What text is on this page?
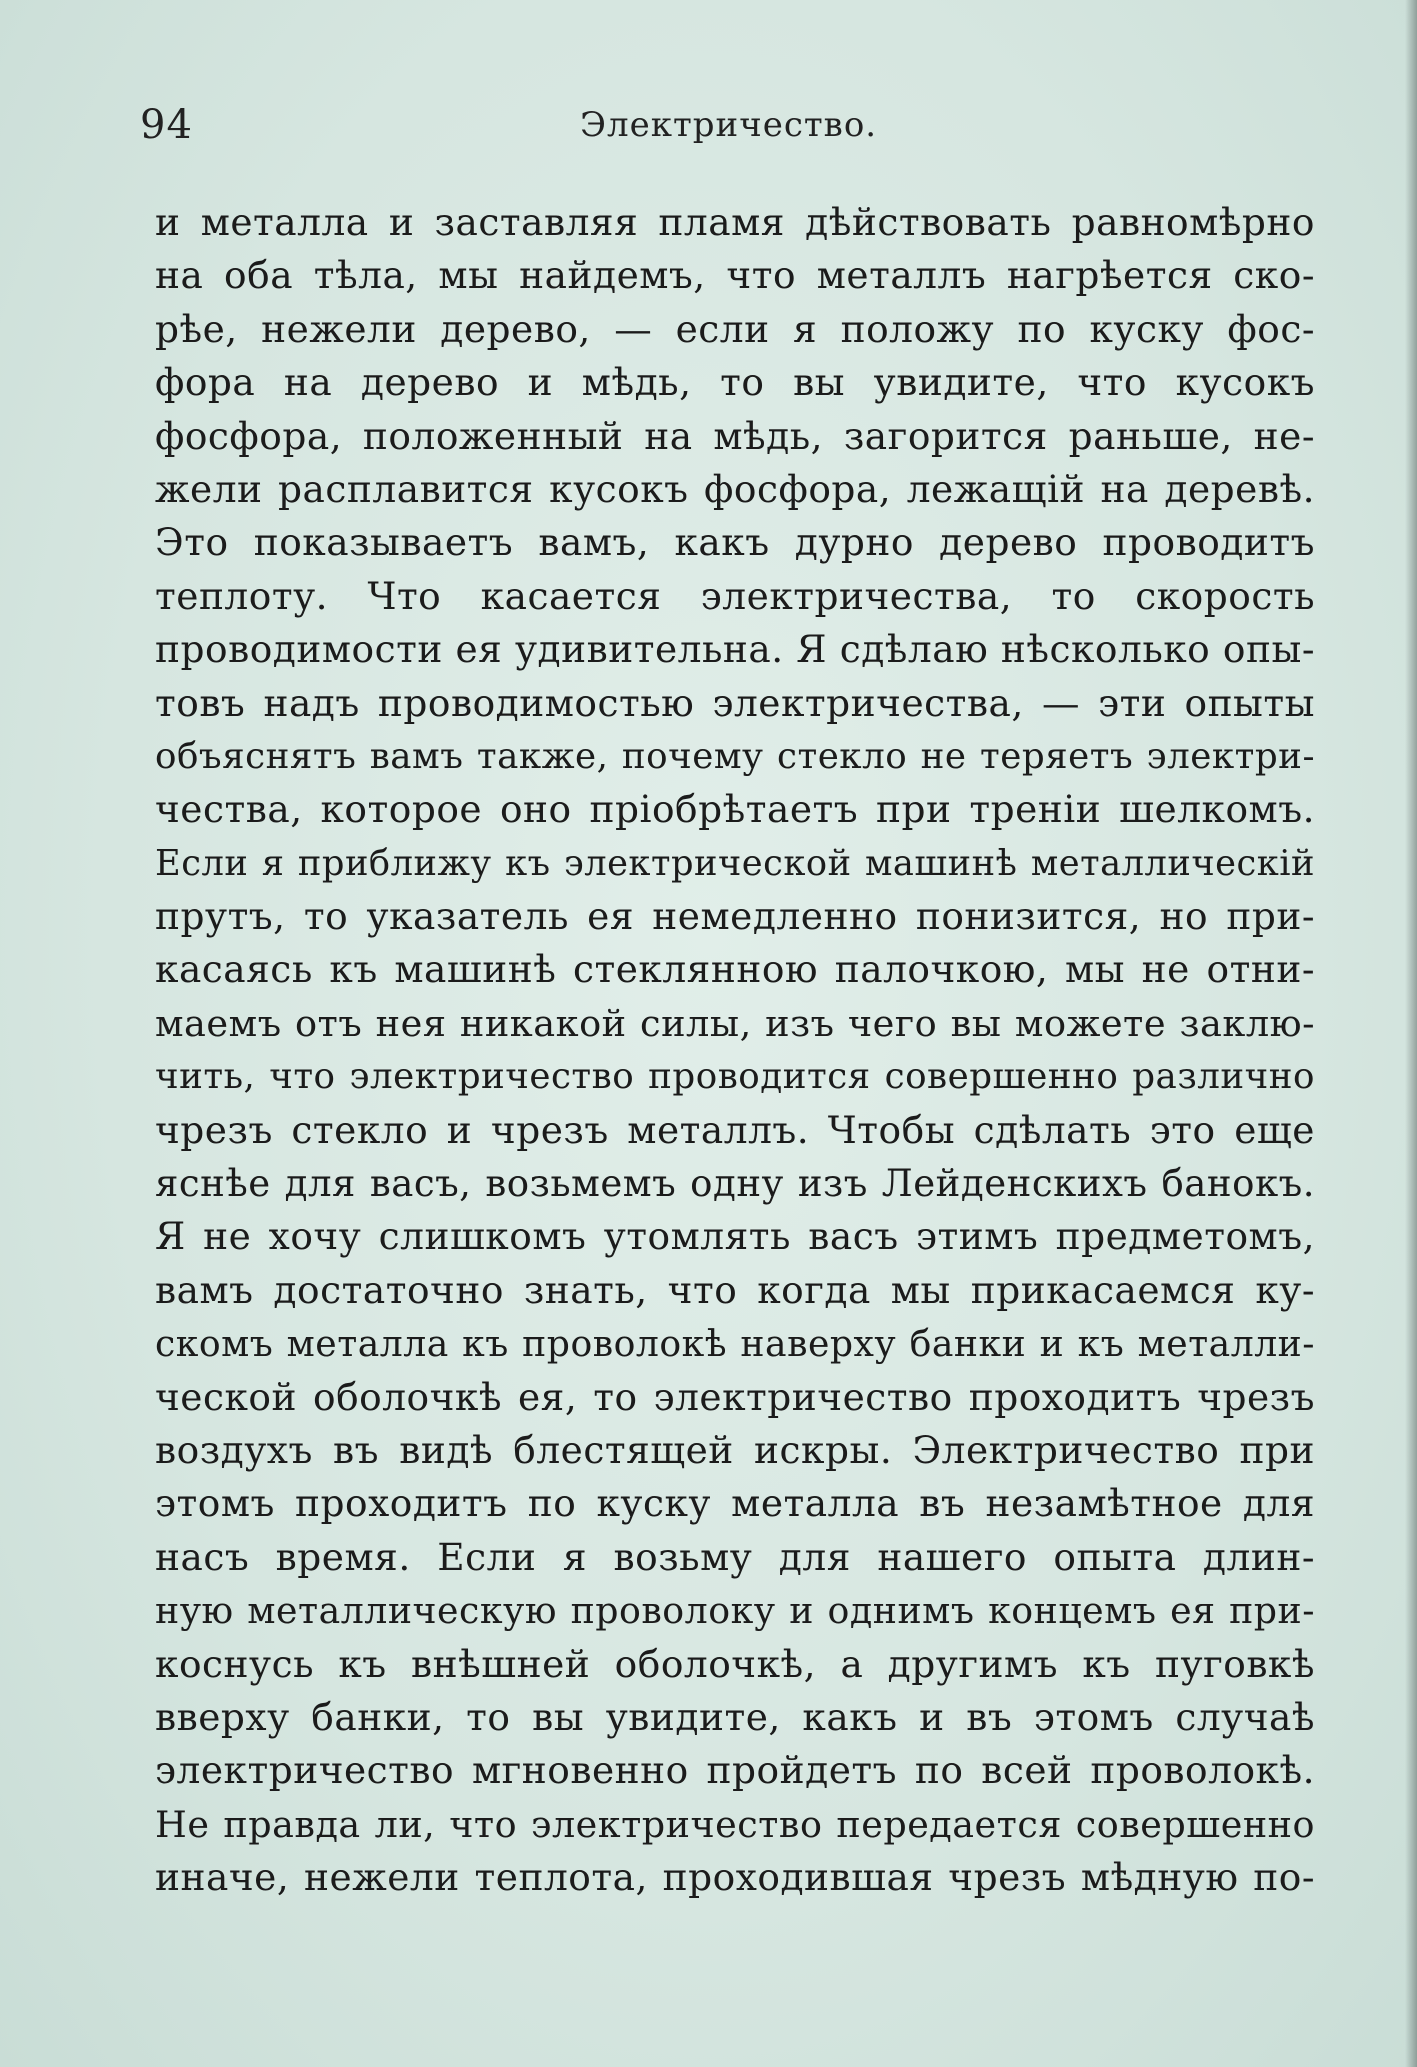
94	Электричество.
и металла и заставляя пламя дѣйствовать равномѣрно
на оба тѣла, мы найдемъ, что металлъ нагрѣется ско-
рѣе, нежели дерево, — если я положу по куску фос-
фора на дерево и мѣдь, то вы увидите, что кусокъ
фосфора, положенный на мѣдь, загорится раньше, не-
жели расплавится кусокъ фосфора, лежащій на деревѣ.
Это показываетъ вамъ, какъ дурно дерево проводитъ
теплоту. Что касается электричества, то скорость
проводимости ея удивительна. Я сдѣлаю нѣсколько опы-
товъ надъ проводимостью электричества, — эти опыты
объяснятъ вамъ также, почему стекло не теряетъ электри-
чества, которое оно пріобрѣтаетъ при треніи шелкомъ.
Если я приближу къ электрической машинѣ металлическій
прутъ, то указатель ея немедленно понизится, но при-
касаясь къ машинѣ стеклянною палочкою, мы не отни-
маемъ отъ нея никакой силы, изъ чего вы можете заклю-
чить, что электричество проводится совершенно различно
чрезъ стекло и чрезъ металлъ. Чтобы сдѣлать это еще
яснѣе для васъ, возьмемъ одну изъ Лейденскихъ банокъ.
Я не хочу слишкомъ утомлять васъ этимъ предметомъ,
вамъ достаточно знать, что когда мы прикасаемся ку-
скомъ металла къ проволокѣ наверху банки и къ металли-
ческой оболочкѣ ея, то электричество проходитъ чрезъ
воздухъ въ видѣ блестящей искры. Электричество при
этомъ проходитъ по куску металла въ незамѣтное для
насъ время. Если я возьму для нашего опыта длин-
ную металлическую проволоку и однимъ концемъ ея при-
коснусь къ внѣшней оболочкѣ, а другимъ къ пуговкѣ
вверху банки, то вы увидите, какъ и въ этомъ случаѣ
электричество мгновенно пройдетъ по всей проволокѣ.
Не правда ли, что электричество передается совершенно
иначе, нежели теплота, проходившая чрезъ мѣдную по-
